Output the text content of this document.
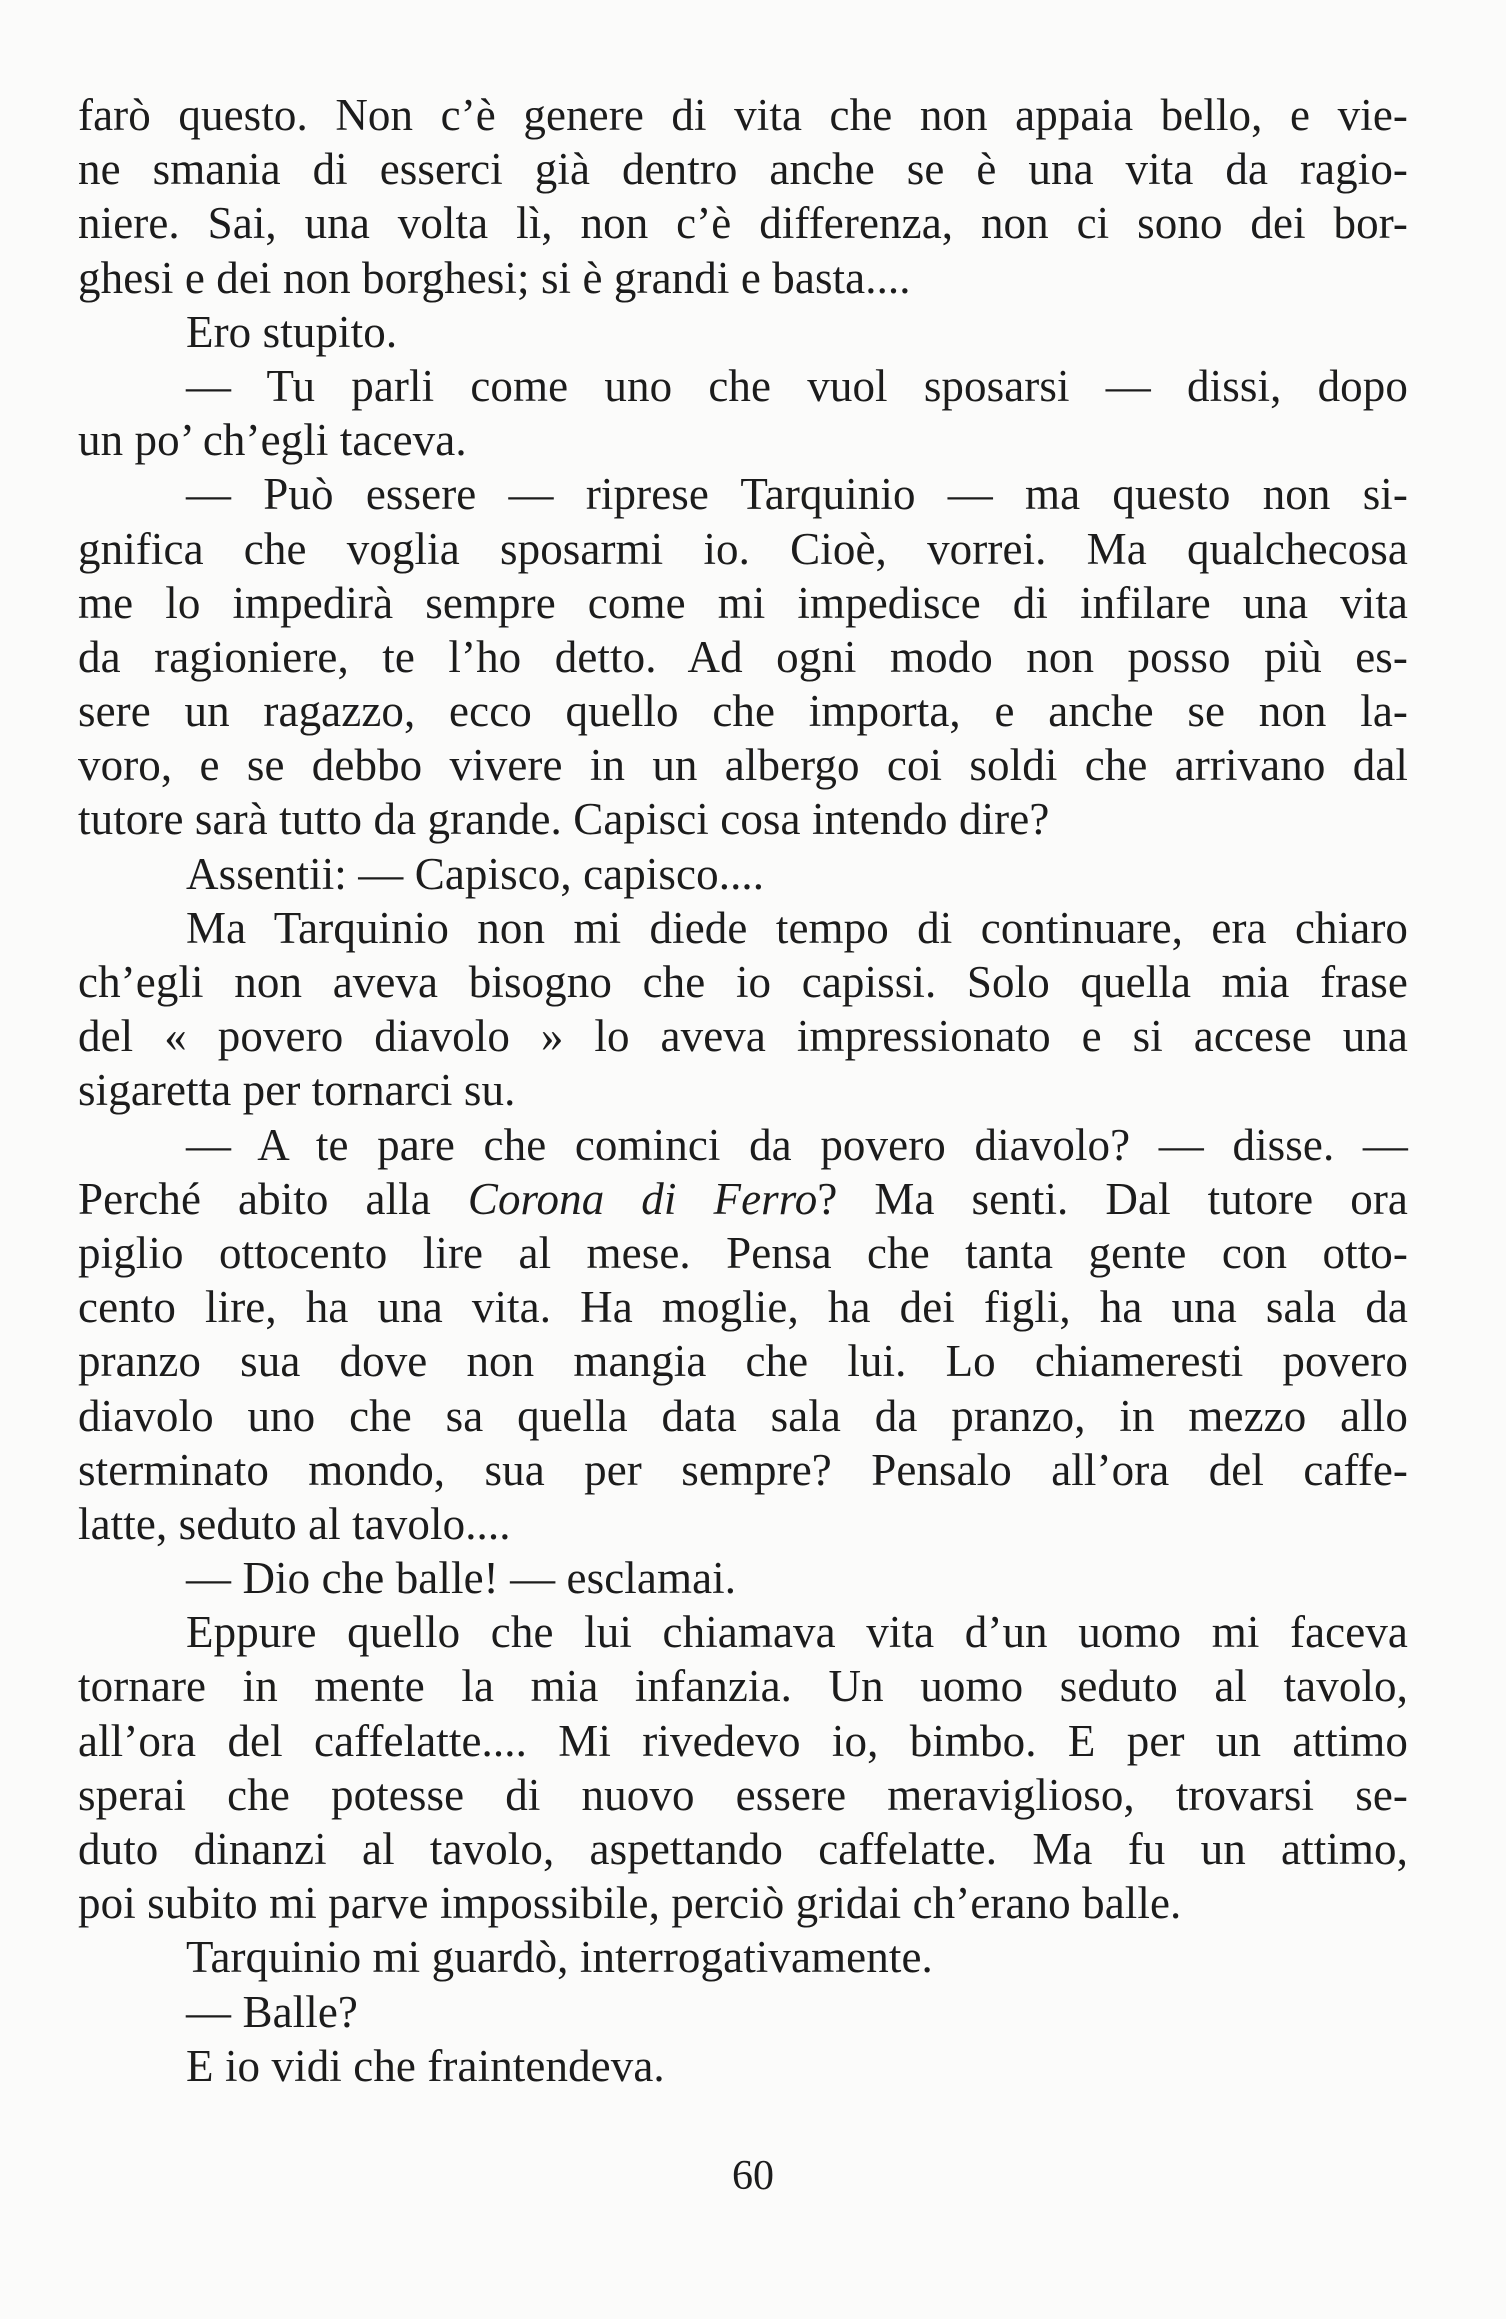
farò questo. Non c’è genere di vita che non appaia bello, e vie-
ne smania di esserci già dentro anche se è una vita da ragio-
niere. Sai, una volta lì, non c’è differenza, non ci sono dei bor-
ghesi e dei non borghesi; si è grandi e basta....
Ero stupito.
— Tu parli come uno che vuol sposarsi — dissi, dopo
un po’ ch’egli taceva.
— Può essere — riprese Tarquinio — ma questo non si-
gnifica che voglia sposarmi io. Cioè, vorrei. Ma qualchecosa
me lo impedirà sempre come mi impedisce di infilare una vita
da ragioniere, te l’ho detto. Ad ogni modo non posso più es-
sere un ragazzo, ecco quello che importa, e anche se non la-
voro, e se debbo vivere in un albergo coi soldi che arrivano dal
tutore sarà tutto da grande. Capisci cosa intendo dire?
Assentii: — Capisco, capisco....
Ma Tarquinio non mi diede tempo di continuare, era chiaro
ch’egli non aveva bisogno che io capissi. Solo quella mia frase
del « povero diavolo » lo aveva impressionato e si accese una
sigaretta per tornarci su.
— A te pare che cominci da povero diavolo? — disse. —
Perché abito alla Corona di Ferro? Ma senti. Dal tutore ora
piglio ottocento lire al mese. Pensa che tanta gente con otto-
cento lire, ha una vita. Ha moglie, ha dei figli, ha una sala da
pranzo sua dove non mangia che lui. Lo chiameresti povero
diavolo uno che sa quella data sala da pranzo, in mezzo allo
sterminato mondo, sua per sempre? Pensalo all’ora del caffe-
latte, seduto al tavolo....
— Dio che balle! — esclamai.
Eppure quello che lui chiamava vita d’un uomo mi faceva
tornare in mente la mia infanzia. Un uomo seduto al tavolo,
all’ora del caffelatte.... Mi rivedevo io, bimbo. E per un attimo
sperai che potesse di nuovo essere meraviglioso, trovarsi se-
duto dinanzi al tavolo, aspettando caffelatte. Ma fu un attimo,
poi subito mi parve impossibile, perciò gridai ch’erano balle.
Tarquinio mi guardò, interrogativamente.
— Balle?
E io vidi che fraintendeva.
60
